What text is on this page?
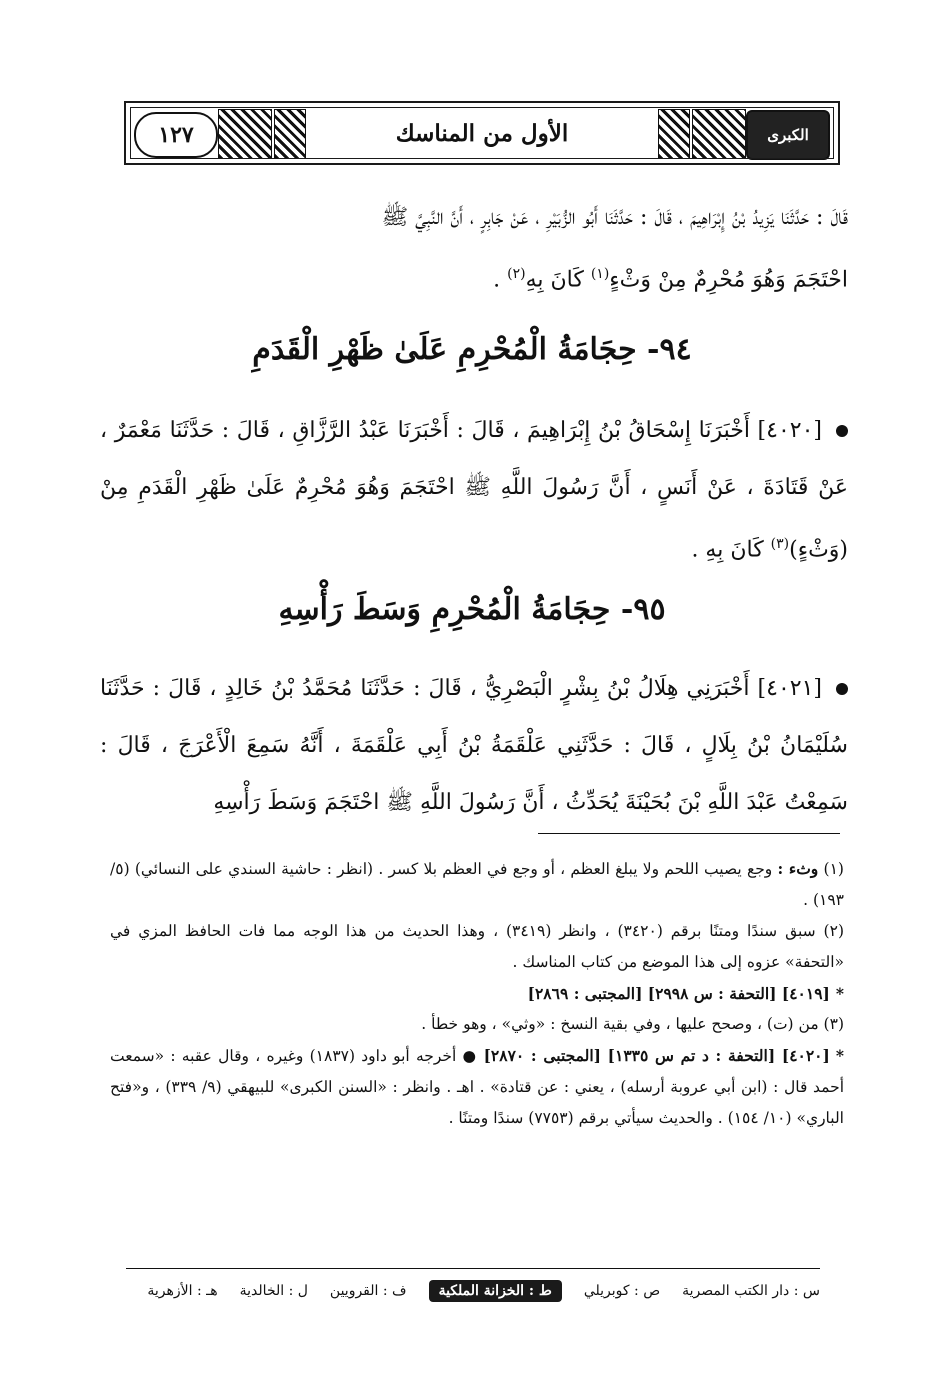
الكبرى
الأول من المناسك
١٢٧
قَالَ : حَدَّثَنَا يَزِيدُ بْنُ إِبْرَاهِيمَ ، قَالَ : حَدَّثَنَا أَبُو الزُّبَيْرِ ، عَنْ جَابِرٍ ، أَنَّ النَّبِيَّ ﷺ
احْتَجَمَ وَهُوَ مُحْرِمٌ مِنْ وَثْءٍ$^{(١)}$ كَانَ بِهِ$^{(٢)}$ .
٩٤- حِجَامَةُ الْمُحْرِمِ عَلَىٰ ظَهْرِ الْقَدَمِ
[٤٠٢٠] أَخْبَرَنَا إِسْحَاقُ بْنُ إِبْرَاهِيمَ ، قَالَ : أَخْبَرَنَا عَبْدُ الرَّزَّاقِ ، قَالَ : حَدَّثَنَا مَعْمَرٌ ، عَنْ قَتَادَةَ ، عَنْ أَنَسٍ ، أَنَّ رَسُولَ اللَّهِ ﷺ احْتَجَمَ وَهُوَ مُحْرِمٌ عَلَىٰ ظَهْرِ الْقَدَمِ مِنْ (وَثْءٍ)$^{(٣)}$ كَانَ بِهِ .
٩٥- حِجَامَةُ الْمُحْرِمِ وَسَطَ رَأْسِهِ
[٤٠٢١] أَخْبَرَنِي هِلَالُ بْنُ بِشْرٍ الْبَصْرِيُّ ، قَالَ : حَدَّثَنَا مُحَمَّدُ بْنُ خَالِدٍ ، قَالَ : حَدَّثَنَا سُلَيْمَانُ بْنُ بِلَالٍ ، قَالَ : حَدَّثَنِي عَلْقَمَةُ بْنُ أَبِي عَلْقَمَةَ ، أَنَّهُ سَمِعَ الْأَعْرَجَ ، قَالَ : سَمِعْتُ عَبْدَ اللَّهِ بْنَ بُحَيْنَةَ يُحَدِّثُ ، أَنَّ رَسُولَ اللَّهِ ﷺ احْتَجَمَ وَسَطَ رَأْسِهِ

(١) وثء : وجع يصيب اللحم ولا يبلغ العظم ، أو وجع في العظم بلا كسر . (انظر : حاشية السندي على النسائي) (٥/ ١٩٣) .

(٢) سبق سندًا ومتنًا برقم (٣٤٢٠) ، وانظر (٣٤١٩) ، وهذا الحديث من هذا الوجه مما فات الحافظ المزي في «التحفة» عزوه إلى هذا الموضع من كتاب المناسك .

*[٤٠١٩] [التحفة : س ٢٩٩٨] [المجتبى : ٢٨٦٩]

(٣) من (ت) ، وصحح عليها ، وفي بقية النسخ : «وثي» ، وهو خطأ .

*[٤٠٢٠] [التحفة : د تم س ١٣٣٥] [المجتبى : ٢٨٧٠] ● أخرجه أبو داود (١٨٣٧) وغيره ، وقال عقبه : «سمعت أحمد قال : (ابن أبي عروبة أرسله) ، يعني : عن قتادة» . اهـ . وانظر : «السنن الكبرى» للبيهقي (٩/ ٣٣٩) ، و«فتح الباري» (١٠/ ١٥٤) . والحديث سيأتي برقم (٧٧٥٣) سندًا ومتنًا .

س : دار الكتب المصرية
ص : كوبريلي
ط : الخزانة الملكية
ف : القرويين
ل : الخالدية
هـ : الأزهرية
